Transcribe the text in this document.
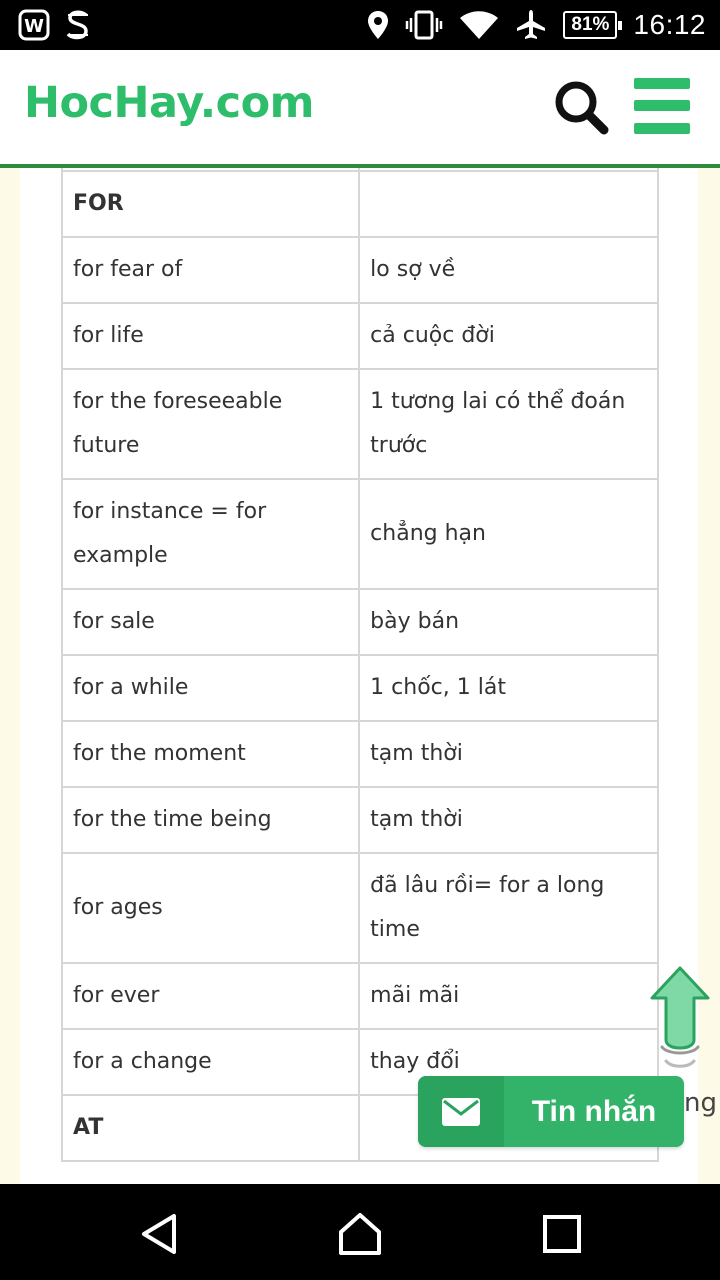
W	81% 16:12
HocHay.com

FOR	
for fear of	lo sợ về
for life	cả cuộc đời
for the foreseeable future	1 tương lai có thể đoán trước
for instance = for example	chẳng hạn
for sale	bày bán
for a while	1 chốc, 1 lát
for the moment	tạm thời
for the time being	tạm thời
for ages	đã lâu rồi= for a long time
for ever	mãi mãi
for a change	thay đổi
AT	
ng
Tin nhắn
